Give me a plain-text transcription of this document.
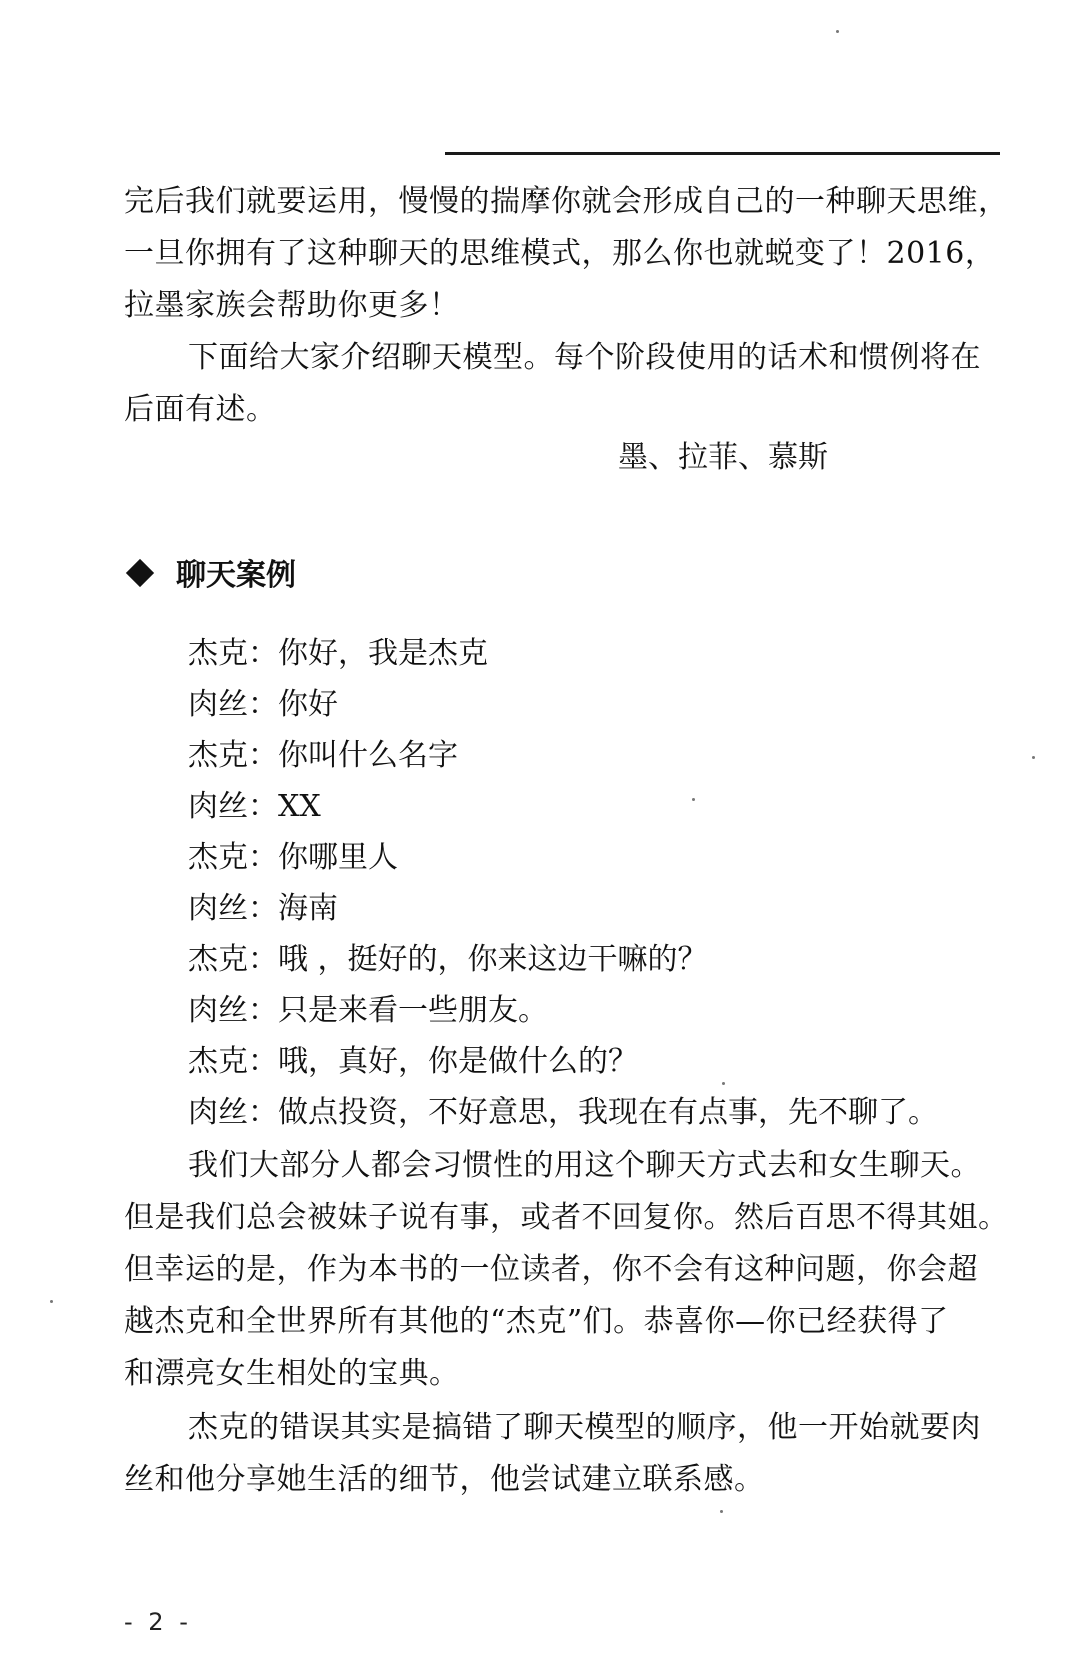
完后我们就要运用，慢慢的揣摩你就会形成自己的一种聊天思维，
一旦你拥有了这种聊天的思维模式，那么你也就蜕变了！2016，
拉墨家族会帮助你更多！
下面给大家介绍聊天模型。每个阶段使用的话术和惯例将在
后面有述。
墨、拉菲、慕斯
聊天案例
杰克：你好，我是杰克
肉丝：你好
杰克：你叫什么名字
肉丝：XX
杰克：你哪里人
肉丝：海南
杰克：哦 ，挺好的，你来这边干嘛的？
肉丝：只是来看一些朋友。
杰克：哦，真好，你是做什么的？
肉丝：做点投资，不好意思，我现在有点事，先不聊了。
我们大部分人都会习惯性的用这个聊天方式去和女生聊天。
但是我们总会被妹子说有事，或者不回复你。然后百思不得其姐。
但幸运的是，作为本书的一位读者，你不会有这种问题，你会超
越杰克和全世界所有其他的“杰克”们。恭喜你—你已经获得了
和漂亮女生相处的宝典。
杰克的错误其实是搞错了聊天模型的顺序，他一开始就要肉
丝和他分享她生活的细节，他尝试建立联系感。
- 2 -
